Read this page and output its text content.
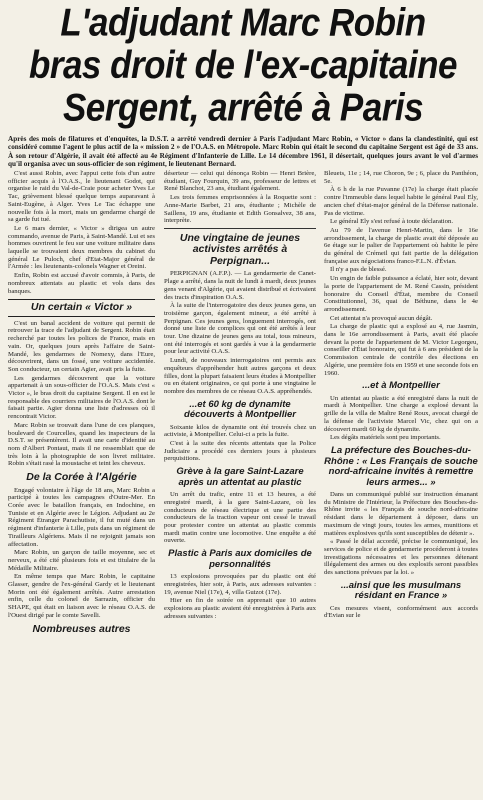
L'adjudant Marc Robin
bras droit de l'ex-capitaine
Sergent, arrêté à Paris
Après des mois de filatures et d'enquêtes, la D.S.T. a arrêté vendredi dernier à Paris l'adjudant Marc Robin, « Victor » dans la clandestinité, qui est considéré comme l'agent le plus actif de la « mission 2 » de l'O.A.S. en Métropole. Marc Robin qui était le second du capitaine Sergent est âgé de 33 ans. À son retour d'Algérie, il avait été affecté au 4e Régiment d'Infanterie de Lille. Le 14 décembre 1961, il désertait, quelques jours avant le vol d'armes qu'il organisa avec un sous-officier de son régiment, le lieutenant Bernard.

C'est aussi Robin, avec l'appui cette fois d'un autre officier acquis à l'O.A.S., le lieutenant Godot, qui organise le raid du Val-de-Craie pour acheter Yves Le Tac, grièvement blessé quelque temps auparavant à Saint-Eugène, à Alger. Yves Le Tac échappe une nouvelle fois à la mort, mais un gendarme chargé de sa garde fut tué.

Le 6 mars dernier, « Victor » dirigea un autre commando, avenue de Paris, à Saint-Mandé. Lui et ses hommes ouvrirent le feu sur une voiture militaire dans laquelle se trouvaient deux membres du cabinet du général Le Puloch, chef d'Etat-Major général de l'Armée : les lieutenants-colonels Wagner et Oreini.

Enfin, Robin est accusé d'avoir commis, à Paris, de nombreux attentats au plastic et vols dans des banques.

Un certain « Victor »

C'est un banal accident de voiture qui permit de retrouver la trace de l'adjudant de Sergent. Robin était recherché par toutes les polices de France, mais en vain. Or, quelques jours après l'affaire de Saint-Mandé, les gendarmes de Nomexy, dans l'Eure, découvrirent, dans un fossé, une voiture accidentée. Son conducteur, un certain Agier, avait pris la fuite.

Les gendarmes découvrent que la voiture appartenait à un sous-officier de l'O.A.S. Mais c'est « Victor », le bras droit du capitaine Sergent. Il en est le responsable des courriers militaires de l'O.A.S. dont le faisait partie. Agier donna une liste d'adresses où il rencontrait Victor.

Marc Robin se trouvait dans l'une de ces planques, boulevard de Courcelles, quand les inspecteurs de la D.S.T. se présentèrent. Il avait une carte d'identité au nom d'Albert Pontaut, mais il ne ressemblait que de très loin à la photographie de son livret militaire. Robin s'était rasé la moustache et teint les cheveux.

De la Corée à l'Algérie

Engagé volontaire à l'âge de 18 ans, Marc Robin a participé à toutes les campagnes d'Outre-Mer. En Corée avec le bataillon français, en Indochine, en Tunisie et en Algérie avec le Légion. Adjudant au 2e Régiment Étranger Parachutiste, il fut muté dans un régiment d'infanterie à Lille, puis dans un régiment de Tirailleurs Algériens. Mais il ne rejoignit jamais son affectation.

Marc Robin, un garçon de taille moyenne, sec et nerveux, a été cité plusieurs fois et est titulaire de la Médaille Militaire.

En même temps que Marc Robin, le capitaine Glasser, gendre de l'ex-général Gardy et le lieutenant Morin ont été également arrêtés. Autre arrestation enfin, celle du colonel de Sarrazin, officier du SHAPE, qui était en liaison avec le réseau O.A.S. de l'Ouest dirigé par le comte Savelli.

Nombreuses autres

déserteur — celui qui dénonça Robin — Henri Brière, étudiant, Guy Fourquin, 39 ans, professeur de lettres et René Blanchot, 23 ans, étudiant également.

Les trois femmes emprisonnées à la Roquette sont : Anne-Marie Barbet, 21 ans, étudiante ; Michèle de Saillens, 19 ans, étudiante et Edith Gonsalvez, 38 ans, interprète.

Une vingtaine de jeunes activistes arrêtés à Perpignan...

PERPIGNAN (A.F.P.). — La gendarmerie de Canet-Plage a arrêté, dans la nuit de lundi à mardi, deux jeunes gens venant d'Algérie, qui avaient distribué et écrivaient des tracts d'inspiration O.A.S.

À la suite de l'interrogatoire des deux jeunes gens, un troisième garçon, également mineur, a été arrêté à Perpignan. Ces jeunes gens, longuement interrogés, ont donné une liste de complices qui ont été arrêtés à leur tour. Une dizaine de jeunes gens au total, tous mineurs, ont été interrogés et sont gardés à vue à la gendarmerie pour leur activité O.A.S.

Lundi, de nouveaux interrogatoires ont permis aux enquêteurs d'appréhender huit autres garçons et deux filles, dont la plupart faisaient leurs études à Montpellier ou en étaient originaires, ce qui porte à une vingtaine le nombre des membres de ce réseau O.A.S. appréhendés.

...et 60 kg de dynamite découverts à Montpellier

Soixante kilos de dynamite ont été trouvés chez un activiste, à Montpellier. Celui-ci a pris la fuite.

C'est à la suite des récents attentats que la Police Judiciaire a procédé ces derniers jours à plusieurs perquisitions.

Grève à la gare Saint-Lazare après un attentat au plastic

Un arrêt du trafic, entre 11 et 13 heures, a été enregistré mardi, à la gare Saint-Lazare, où les conducteurs de réseau électrique et une partie des conducteurs de la traction vapeur ont cessé le travail pour protester contre un attentat au plastic commis mardi matin contre une locomotive. Une enquête a été ouverte.

Plastic à Paris aux domiciles de personnalités

13 explosions provoquées par du plastic ont été enregistrées, hier soir, à Paris, aux adresses suivantes : 19, avenue Niel (17e), 4, villa Guizot (17e).

Hier en fin de soirée on apprenait que 10 autres explosions au plastic avaient été enregistrées à Paris aux adresses suivantes :

Bleuets, 11e ; 14, rue Choron, 9e ; 6, place du Panthéon, 5e.

À 6 h de la rue Puvanne (17e) la charge était placée contre l'immeuble dans lequel habite le général Paul Ely, ancien chef d'état-major général de la Défense nationale. Pas de victime.

Le général Ely s'est refusé à toute déclaration.

Au 79 de l'avenue Henri-Martin, dans le 16e arrondissement, la charge de plastic avait été déposée au 6e étage sur le palier de l'appartement où habite le père du général de Crémeil qui fait partie de la délégation française aux négociations franco-F.L.N. d'Évian.

Il n'y a pas de blessé.

Un engin de faible puissance a éclaté, hier soir, devant la porte de l'appartement de M. René Cassin, président honoraire du Conseil d'État, membre du Conseil Constitutionnel, 36, quai de Béthune, dans le 4e arrondissement.

Cet attentat n'a provoqué aucun dégât.

La charge de plastic qui a explosé au 4, rue Jasmin, dans le 16e arrondissement à Paris, avait été placée devant la porte de l'appartement de M. Victor Legorgeu, conseiller d'État honoraire, qui fut à 6 ans président de la Commission centrale de contrôle des élections en Algérie, une première fois en 1959 et une seconde fois en 1960.

...et à Montpellier

Un attentat au plastic a été enregistré dans la nuit de mardi à Montpellier. Une charge a explosé devant la grille de la villa de Maître René Roux, avocat chargé de la défense de l'activiste Marcel Vic, chez qui on a découvert mardi 60 kg de dynamite.

Les dégâts matériels sont peu importants.

La préfecture des Bouches-du-Rhône : « Les Français de souche nord-africaine invités à remettre leurs armes... »

Dans un communiqué publié sur instruction émanant du Ministre de l'Intérieur, la Préfecture des Bouches-du-Rhône invite « les Français de souche nord-africaine résidant dans le département à déposer, dans un maximum de vingt jours, toutes les armes, munitions et matières explosives qu'ils sont susceptibles de détenir ».

« Passé le délai accordé, précise le communiqué, les services de police et de gendarmerie procéderont à toutes investigations nécessaires et les personnes détenant illégalement des armes ou des explosifs seront passibles des sanctions prévues par la loi. »

...ainsi que les musulmans résidant en France »

Ces mesures visent, conformément aux accords d'Evian sur le
